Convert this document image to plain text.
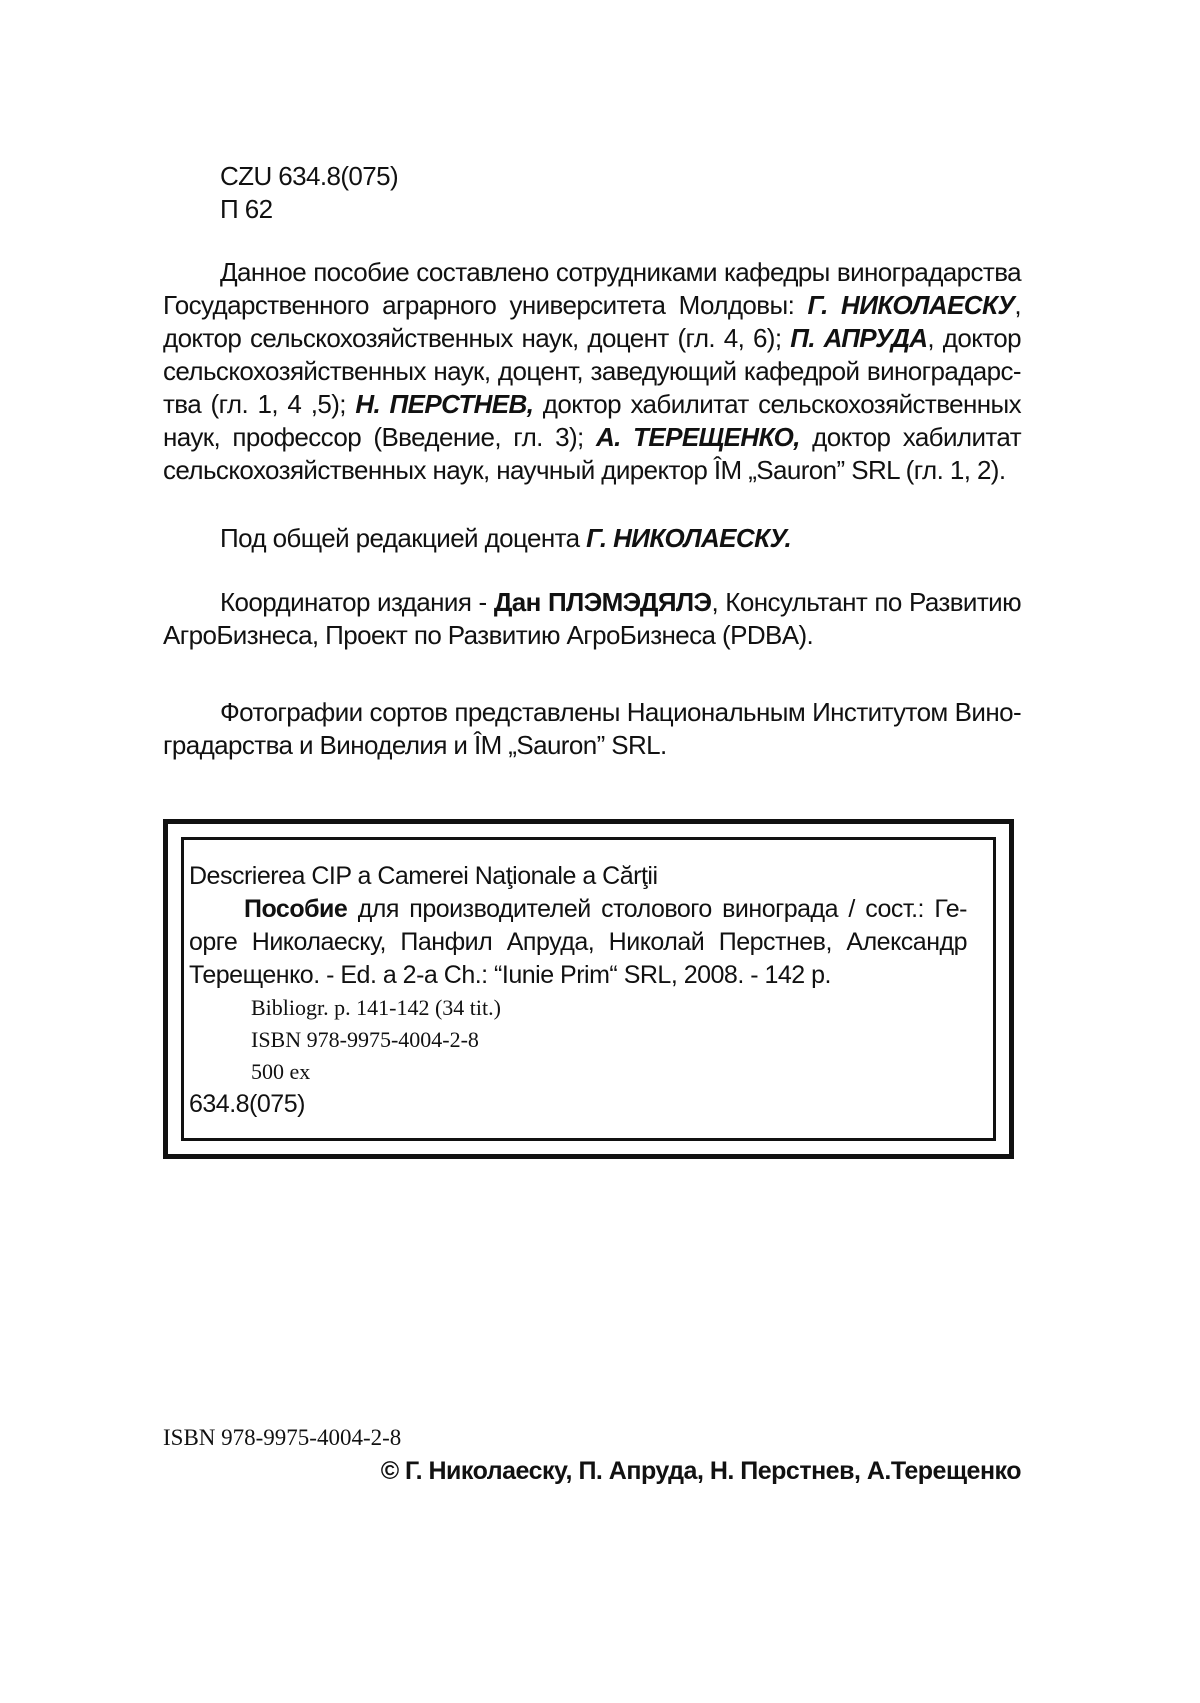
CZU 634.8(075)
П 62
Данное пособие составлено сотрудниками кафедры виноградарства Государственного аграрного университета Молдовы: Г. НИКОЛАЕСКУ, доктор сельскохозяйственных наук, доцент (гл. 4, 6); П. АПРУДА, доктор сельскохозяйственных наук, доцент, заведующий кафедрой виноградарс-тва (гл. 1, 4 ,5); Н. ПЕРСТНЕВ, доктор хабилитат сельскохозяйственных наук, профессор (Введение, гл. 3); А. ТЕРЕЩЕНКО, доктор хабилитат сельскохозяйственных наук, научный директор ÎM „Sauron” SRL (гл. 1, 2).
Под общей редакцией доцента Г. НИКОЛАЕСКУ.
Координатор издания - Дан ПЛЭМЭДЯЛЭ, Консультант по Развитию АгроБизнеса, Проект по Развитию АгроБизнеса (PDBA).
Фотографии сортов представлены Национальным Институтом Вино-градарства и Виноделия и ÎM „Sauron” SRL.
Descrierea CIP a Camerei Naţionale a Cărţii
Пособие для производителей столового винограда / сост.: Ге-орге Николаеску, Панфил Апруда, Николай Перстнев, Александр Терещенко. - Ed. a 2-a Ch.: “Iunie Prim“ SRL, 2008. - 142 p.
Bibliogr. p. 141-142 (34 tit.)
ISBN 978-9975-4004-2-8
500 ex
634.8(075)
ISBN 978-9975-4004-2-8
© Г. Николаеску, П. Апруда, Н. Перстнев, А.Терещенко
